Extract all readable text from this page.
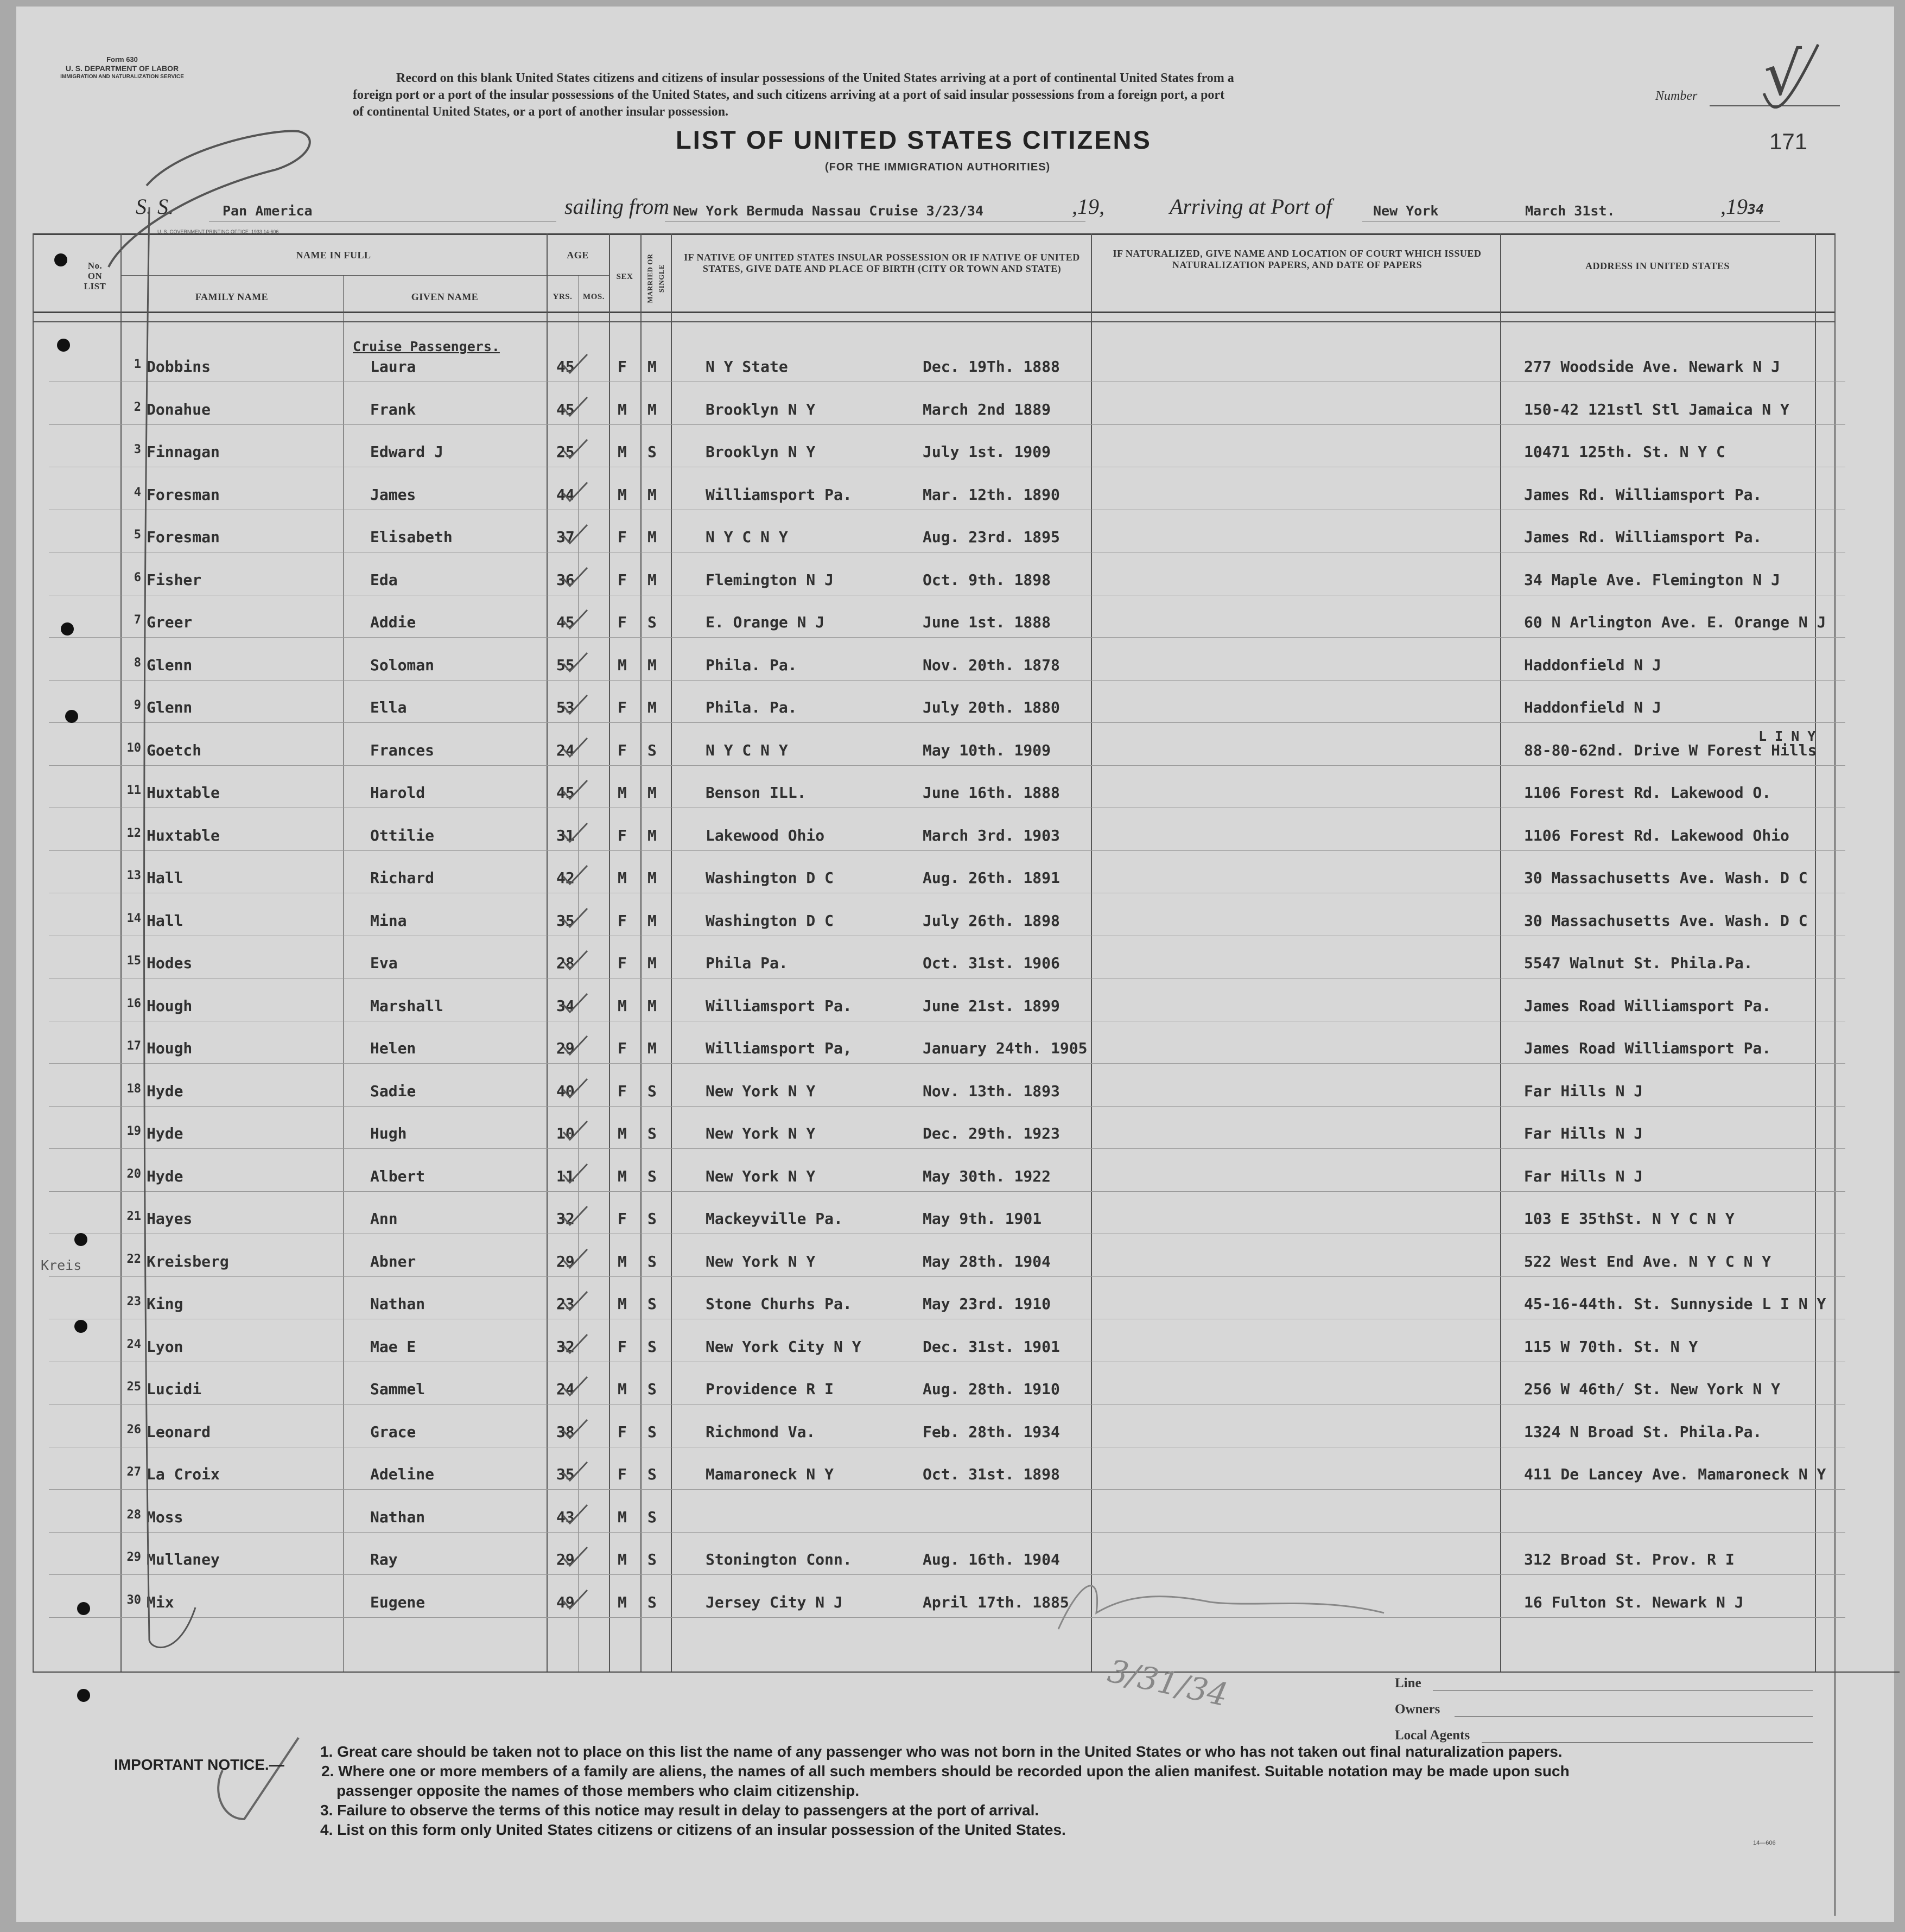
Form 630
U. S. DEPARTMENT OF LABOR
IMMIGRATION AND NATURALIZATION SERVICE	Record on this blank United States citizens and citizens of insular possessions of the United States arriving at a port of continental United States from a
foreign port or a port of the insular possessions of the United States, and such citizens arriving at a port of said insular possessions from a foreign port, a port
of continental United States, or a port of another insular possession.
Number √
LIST OF UNITED STATES CITIZENS
(FOR THE IMMIGRATION AUTHORITIES)
171
S. S.	Pan America	sailing from New York Bermuda Nassau Cruise 3/23/34	,19,	Arriving at Port of	New York	March 31st.	,1934
U. S. GOVERNMENT PRINTING OFFICE: 1933 14-606
No.
ON
LIST
NAME IN FULL
FAMILY NAME	GIVEN NAME
AGE
YRS.	MOS.
SEX	MARRIED OR SINGLE
IF NATIVE OF UNITED STATES INSULAR POSSESSION OR IF NATIVE OF UNITED STATES, GIVE DATE AND PLACE OF BIRTH (CITY OR TOWN AND STATE)
IF NATURALIZED, GIVE NAME AND LOCATION OF COURT WHICH ISSUED NATURALIZATION PAPERS, AND DATE OF PAPERS	ADDRESS IN UNITED STATES
Cruise Passengers.
1 Dobbins	Laura	45	F	M	N Y State	Dec. 19Th. 1888	277 Woodside Ave. Newark N J
2 Donahue	Frank	45	M	M	Brooklyn N Y	March 2nd 1889	150-42 121stl Stl Jamaica N Y
3 Finnagan	Edward J	25	M	S	Brooklyn N Y	July 1st. 1909	10471 125th. St. N Y C
4 Foresman	James	44	M	M	Williamsport Pa.	Mar. 12th. 1890	James Rd. Williamsport Pa.
5 Foresman	Elisabeth	37	F	M	N Y C N Y	Aug. 23rd. 1895	James Rd. Williamsport Pa.
6 Fisher	Eda	36	F	M	Flemington N J	Oct. 9th. 1898	34 Maple Ave. Flemington N J
7 Greer	Addie	45	F	S	E. Orange N J	June 1st. 1888	60 N Arlington Ave. E. Orange N J
8 Glenn	Soloman	55	M	M	Phila. Pa.	Nov. 20th. 1878	Haddonfield N J
9 Glenn	Ella	53	F	M	Phila. Pa.	July 20th. 1880	Haddonfield N J
10 Goetch	Frances	24	F	S	N Y C N Y	May 10th. 1909	88-80-62nd. Drive W Forest Hills
L I N Y
11 Huxtable	Harold	45	M	M	Benson ILL.	June 16th. 1888	1106 Forest Rd. Lakewood O.
12 Huxtable	Ottilie	31	F	M	Lakewood Ohio	March 3rd. 1903	1106 Forest Rd. Lakewood Ohio
13 Hall	Richard	42	M	M	Washington D C	Aug. 26th. 1891	30 Massachusetts Ave. Wash. D C
14 Hall	Mina	35	F	M	Washington D C	July 26th. 1898	30 Massachusetts Ave. Wash. D C
15 Hodes	Eva	28	F	M	Phila Pa.	Oct. 31st. 1906	5547 Walnut St. Phila.Pa.
16 Hough	Marshall	34	M	M	Williamsport Pa.	June 21st. 1899	James Road Williamsport Pa.
17 Hough	Helen	29	F	M	Williamsport Pa,	January 24th. 1905	James Road Williamsport Pa.
18 Hyde	Sadie	40	F	S	New York N Y	Nov. 13th. 1893	Far Hills N J
19 Hyde	Hugh	10	M	S	New York N Y	Dec. 29th. 1923	Far Hills N J
20 Hyde	Albert	11	M	S	New York N Y	May 30th. 1922	Far Hills N J
21 Hayes	Ann	32	F	S	Mackeyville Pa.	May 9th. 1901	103 E 35thSt. N Y C N Y
22 Kreisberg	Abner	29	M	S	New York N Y	May 28th. 1904	522 West End Ave. N Y C N Y
23 King	Nathan	23	M	S	Stone Churhs Pa.	May 23rd. 1910	45-16-44th. St. Sunnyside L I N Y
24 Lyon	Mae E	32	F	S	New York City N Y	Dec. 31st. 1901	115 W 70th. St. N Y
25 Lucidi	Sammel	24	M	S	Providence R I	Aug. 28th. 1910	256 W 46th/ St. New York N Y
26 Leonard	Grace	38	F	S	Richmond Va.	Feb. 28th. 1934	1324 N Broad St. Phila.Pa.
27 La Croix	Adeline	35	F	S	Mamaroneck N Y	Oct. 31st. 1898	411 De Lancey Ave. Mamaroneck N Y
28 Moss	Nathan	43	M	S
29 Mullaney	Ray	29	M	S	Stonington Conn.	Aug. 16th. 1904	312 Broad St. Prov. R I
30 Mix	Eugene	49	M	S	Jersey City N J	April 17th. 1885	16 Fulton St. Newark N J
Kreis
3/31/34	Line
Owners
Local Agents
IMPORTANT NOTICE.—
1. Great care should be taken not to place on this list the name of any passenger who was not born in the United States or who has not taken out final naturalization papers.
2. Where one or more members of a family are aliens, the names of all such members should be recorded upon the alien manifest. Suitable notation may be made upon such
passenger opposite the names of those members who claim citizenship.
3. Failure to observe the terms of this notice may result in delay to passengers at the port of arrival.
4. List on this form only United States citizens or citizens of an insular possession of the United States.
14—606
